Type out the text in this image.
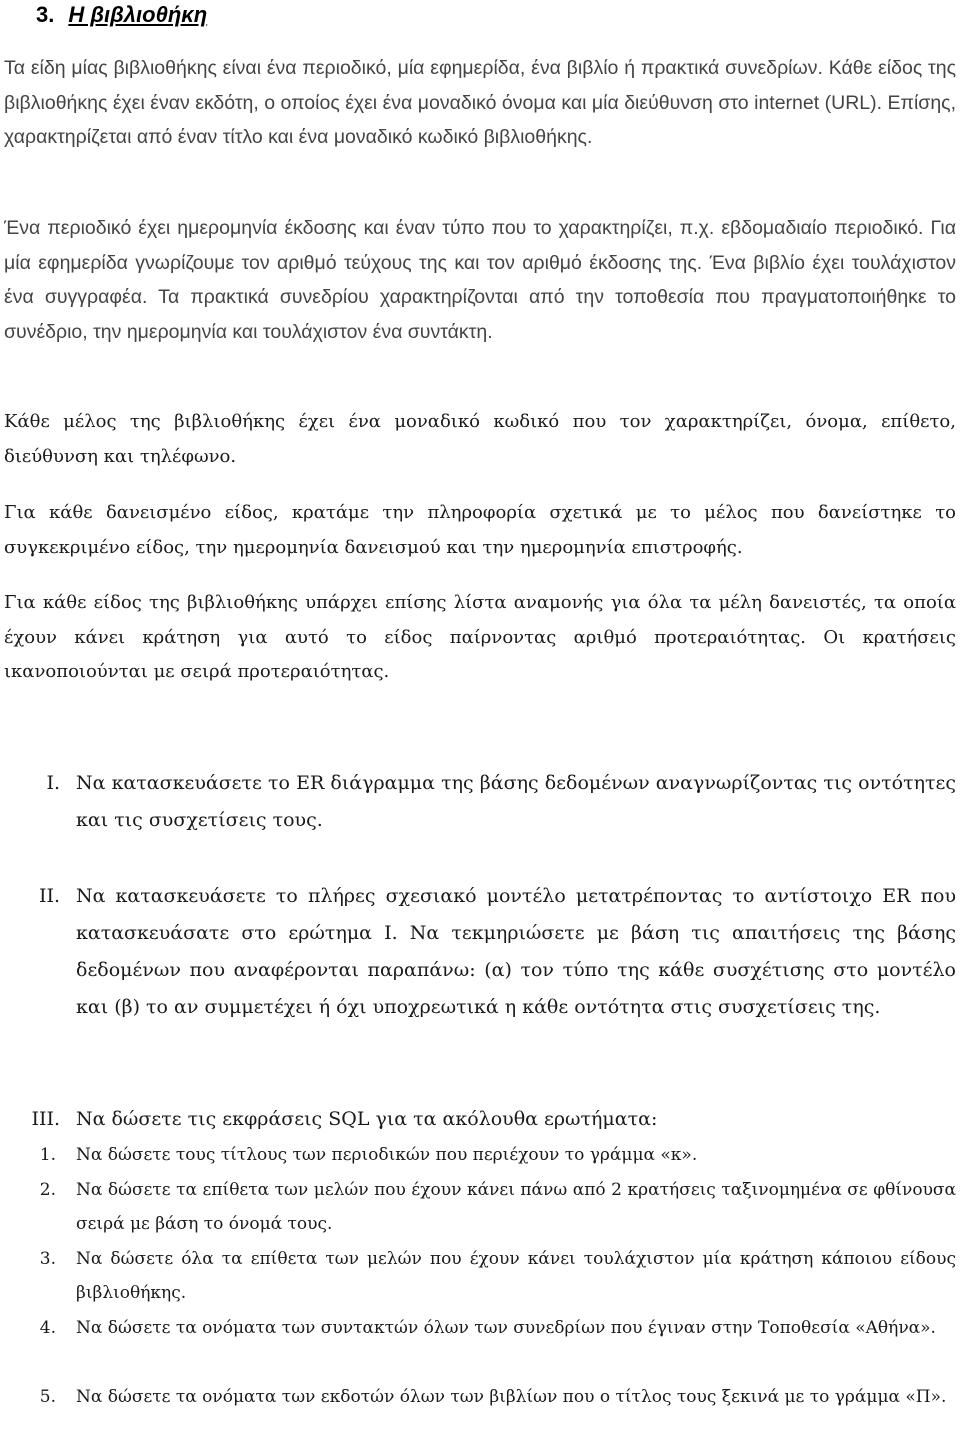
3. Η βιβλιοθήκη
Τα είδη μίας βιβλιοθήκης είναι ένα περιοδικό, μία εφημερίδα, ένα βιβλίο ή πρακτικά συνεδρίων. Κάθε είδος της βιβλιοθήκης έχει έναν εκδότη, ο οποίος έχει ένα μοναδικό όνομα και μία διεύθυνση στο internet (URL). Επίσης, χαρακτηρίζεται από έναν τίτλο και ένα μοναδικό κωδικό βιβλιοθήκης.
Ένα περιοδικό έχει ημερομηνία έκδοσης και έναν τύπο που το χαρακτηρίζει, π.χ. εβδομαδιαίο περιοδικό. Για μία εφημερίδα γνωρίζουμε τον αριθμό τεύχους της και τον αριθμό έκδοσης της. Ένα βιβλίο έχει τουλάχιστον ένα συγγραφέα. Τα πρακτικά συνεδρίου χαρακτηρίζονται από την τοποθεσία που πραγματοποιήθηκε το συνέδριο, την ημερομηνία και τουλάχιστον ένα συντάκτη.
Κάθε μέλος της βιβλιοθήκης έχει ένα μοναδικό κωδικό που τον χαρακτηρίζει, όνομα, επίθετο, διεύθυνση και τηλέφωνο.
Για κάθε δανεισμένο είδος, κρατάμε την πληροφορία σχετικά με το μέλος που δανείστηκε το συγκεκριμένο είδος, την ημερομηνία δανεισμού και την ημερομηνία επιστροφής.
Για κάθε είδος της βιβλιοθήκης υπάρχει επίσης λίστα αναμονής για όλα τα μέλη δανειστές, τα οποία έχουν κάνει κράτηση για αυτό το είδος παίρνοντας αριθμό προτεραιότητας. Οι κρατήσεις ικανοποιούνται με σειρά προτεραιότητας.
I. Να κατασκευάσετε το ER διάγραμμα της βάσης δεδομένων αναγνωρίζοντας τις οντότητες και τις συσχετίσεις τους.
II. Να κατασκευάσετε το πλήρες σχεσιακό μοντέλο μετατρέποντας το αντίστοιχο ER που κατασκευάσατε στο ερώτημα Ι. Να τεκμηριώσετε με βάση τις απαιτήσεις της βάσης δεδομένων που αναφέρονται παραπάνω: (α) τον τύπο της κάθε συσχέτισης στο μοντέλο και (β) το αν συμμετέχει ή όχι υποχρεωτικά η κάθε οντότητα στις συσχετίσεις της.
III. Να δώσετε τις εκφράσεις SQL για τα ακόλουθα ερωτήματα:
1. Να δώσετε τους τίτλους των περιοδικών που περιέχουν το γράμμα «κ».
2. Να δώσετε τα επίθετα των μελών που έχουν κάνει πάνω από 2 κρατήσεις ταξινομημένα σε φθίνουσα σειρά με βάση το όνομά τους.
3. Να δώσετε όλα τα επίθετα των μελών που έχουν κάνει τουλάχιστον μία κράτηση κάποιου είδους βιβλιοθήκης.
4. Να δώσετε τα ονόματα των συντακτών όλων των συνεδρίων που έγιναν στην Τοποθεσία «Αθήνα».
5. Να δώσετε τα ονόματα των εκδοτών όλων των βιβλίων που ο τίτλος τους ξεκινά με το γράμμα «Π».
